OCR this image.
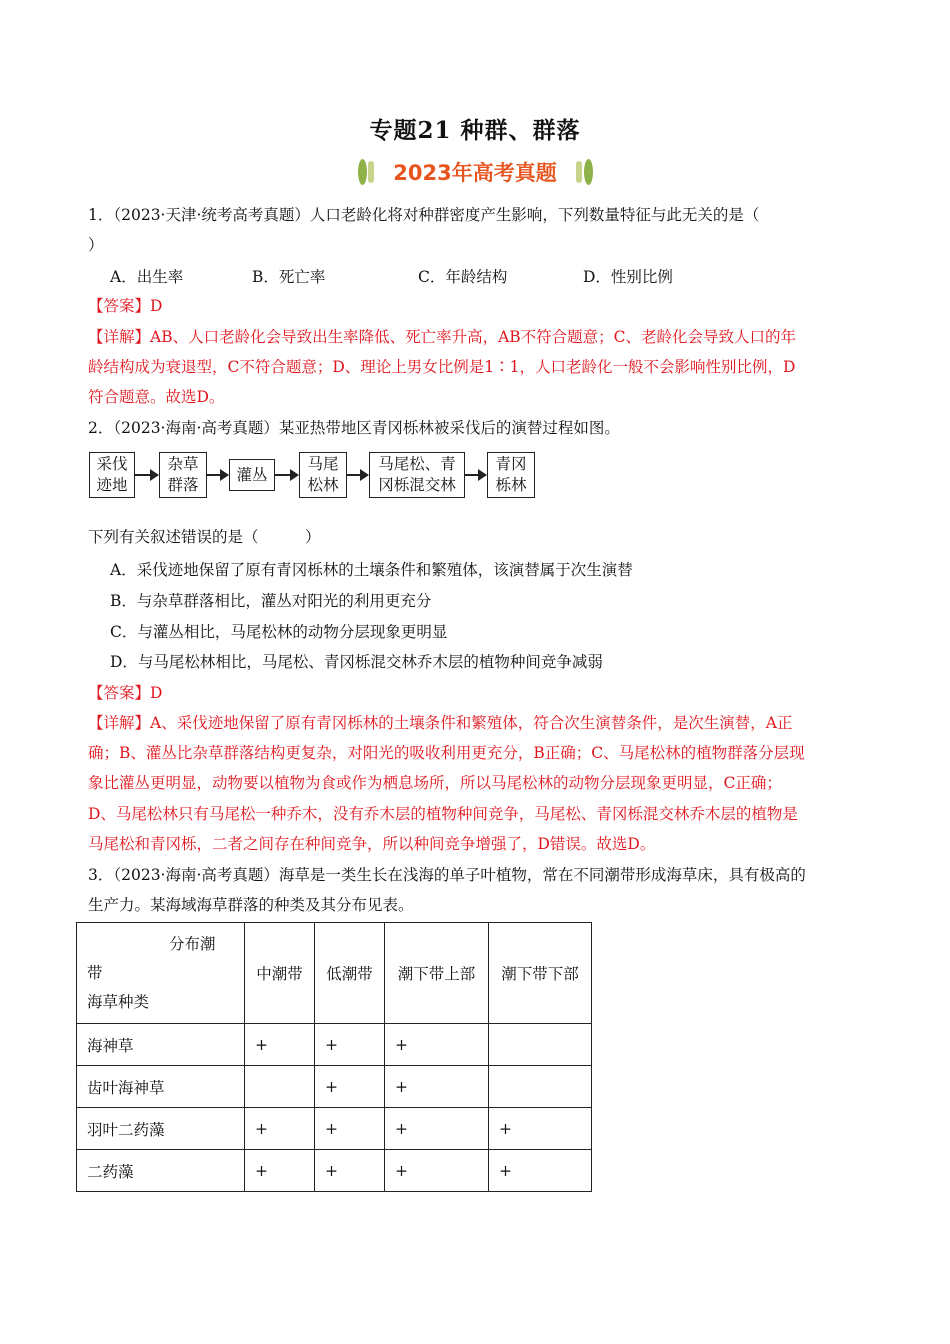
专题21 种群、群落
2023年高考真题
1．（2023·天津·统考高考真题）人口老龄化将对种群密度产生影响，下列数量特征与此无关的是（
）
A．出生率	B．死亡率	C．年龄结构	D．性别比例
【答案】D
【详解】AB、人口老龄化会导致出生率降低、死亡率升高，AB不符合题意；C、老龄化会导致人口的年
龄结构成为衰退型，C不符合题意；D、理论上男女比例是1∶1，人口老龄化一般不会影响性别比例，D
符合题意。故选D。
2．（2023·海南·高考真题）某亚热带地区青冈栎林被采伐后的演替过程如图。
采伐
迹地
杂草
群落
灌丛
马尾
松林
马尾松、青
冈栎混交林
青冈
栎林
下列有关叙述错误的是（　　　）
A．采伐迹地保留了原有青冈栎林的土壤条件和繁殖体，该演替属于次生演替
B．与杂草群落相比，灌丛对阳光的利用更充分
C．与灌丛相比，马尾松林的动物分层现象更明显
D．与马尾松林相比，马尾松、青冈栎混交林乔木层的植物种间竞争减弱
【答案】D
【详解】A、采伐迹地保留了原有青冈栎林的土壤条件和繁殖体，符合次生演替条件，是次生演替，A正
确；B、灌丛比杂草群落结构更复杂，对阳光的吸收利用更充分，B正确；C、马尾松林的植物群落分层现
象比灌丛更明显，动物要以植物为食或作为栖息场所，所以马尾松林的动物分层现象更明显，C正确；
D、马尾松林只有马尾松一种乔木，没有乔木层的植物种间竞争，马尾松、青冈栎混交林乔木层的植物是
马尾松和青冈栎，二者之间存在种间竞争，所以种间竞争增强了，D错误。故选D。
3．（2023·海南·高考真题）海草是一类生长在浅海的单子叶植物，常在不同潮带形成海草床，具有极高的
生产力。某海域海草群落的种类及其分布见表。
分布潮
带
海草种类	中潮带	低潮带	潮下带上部	潮下带下部
海神草	+	+	+	
齿叶海神草		+	+	
羽叶二药藻	+	+	+	+
二药藻	+	+	+	+
